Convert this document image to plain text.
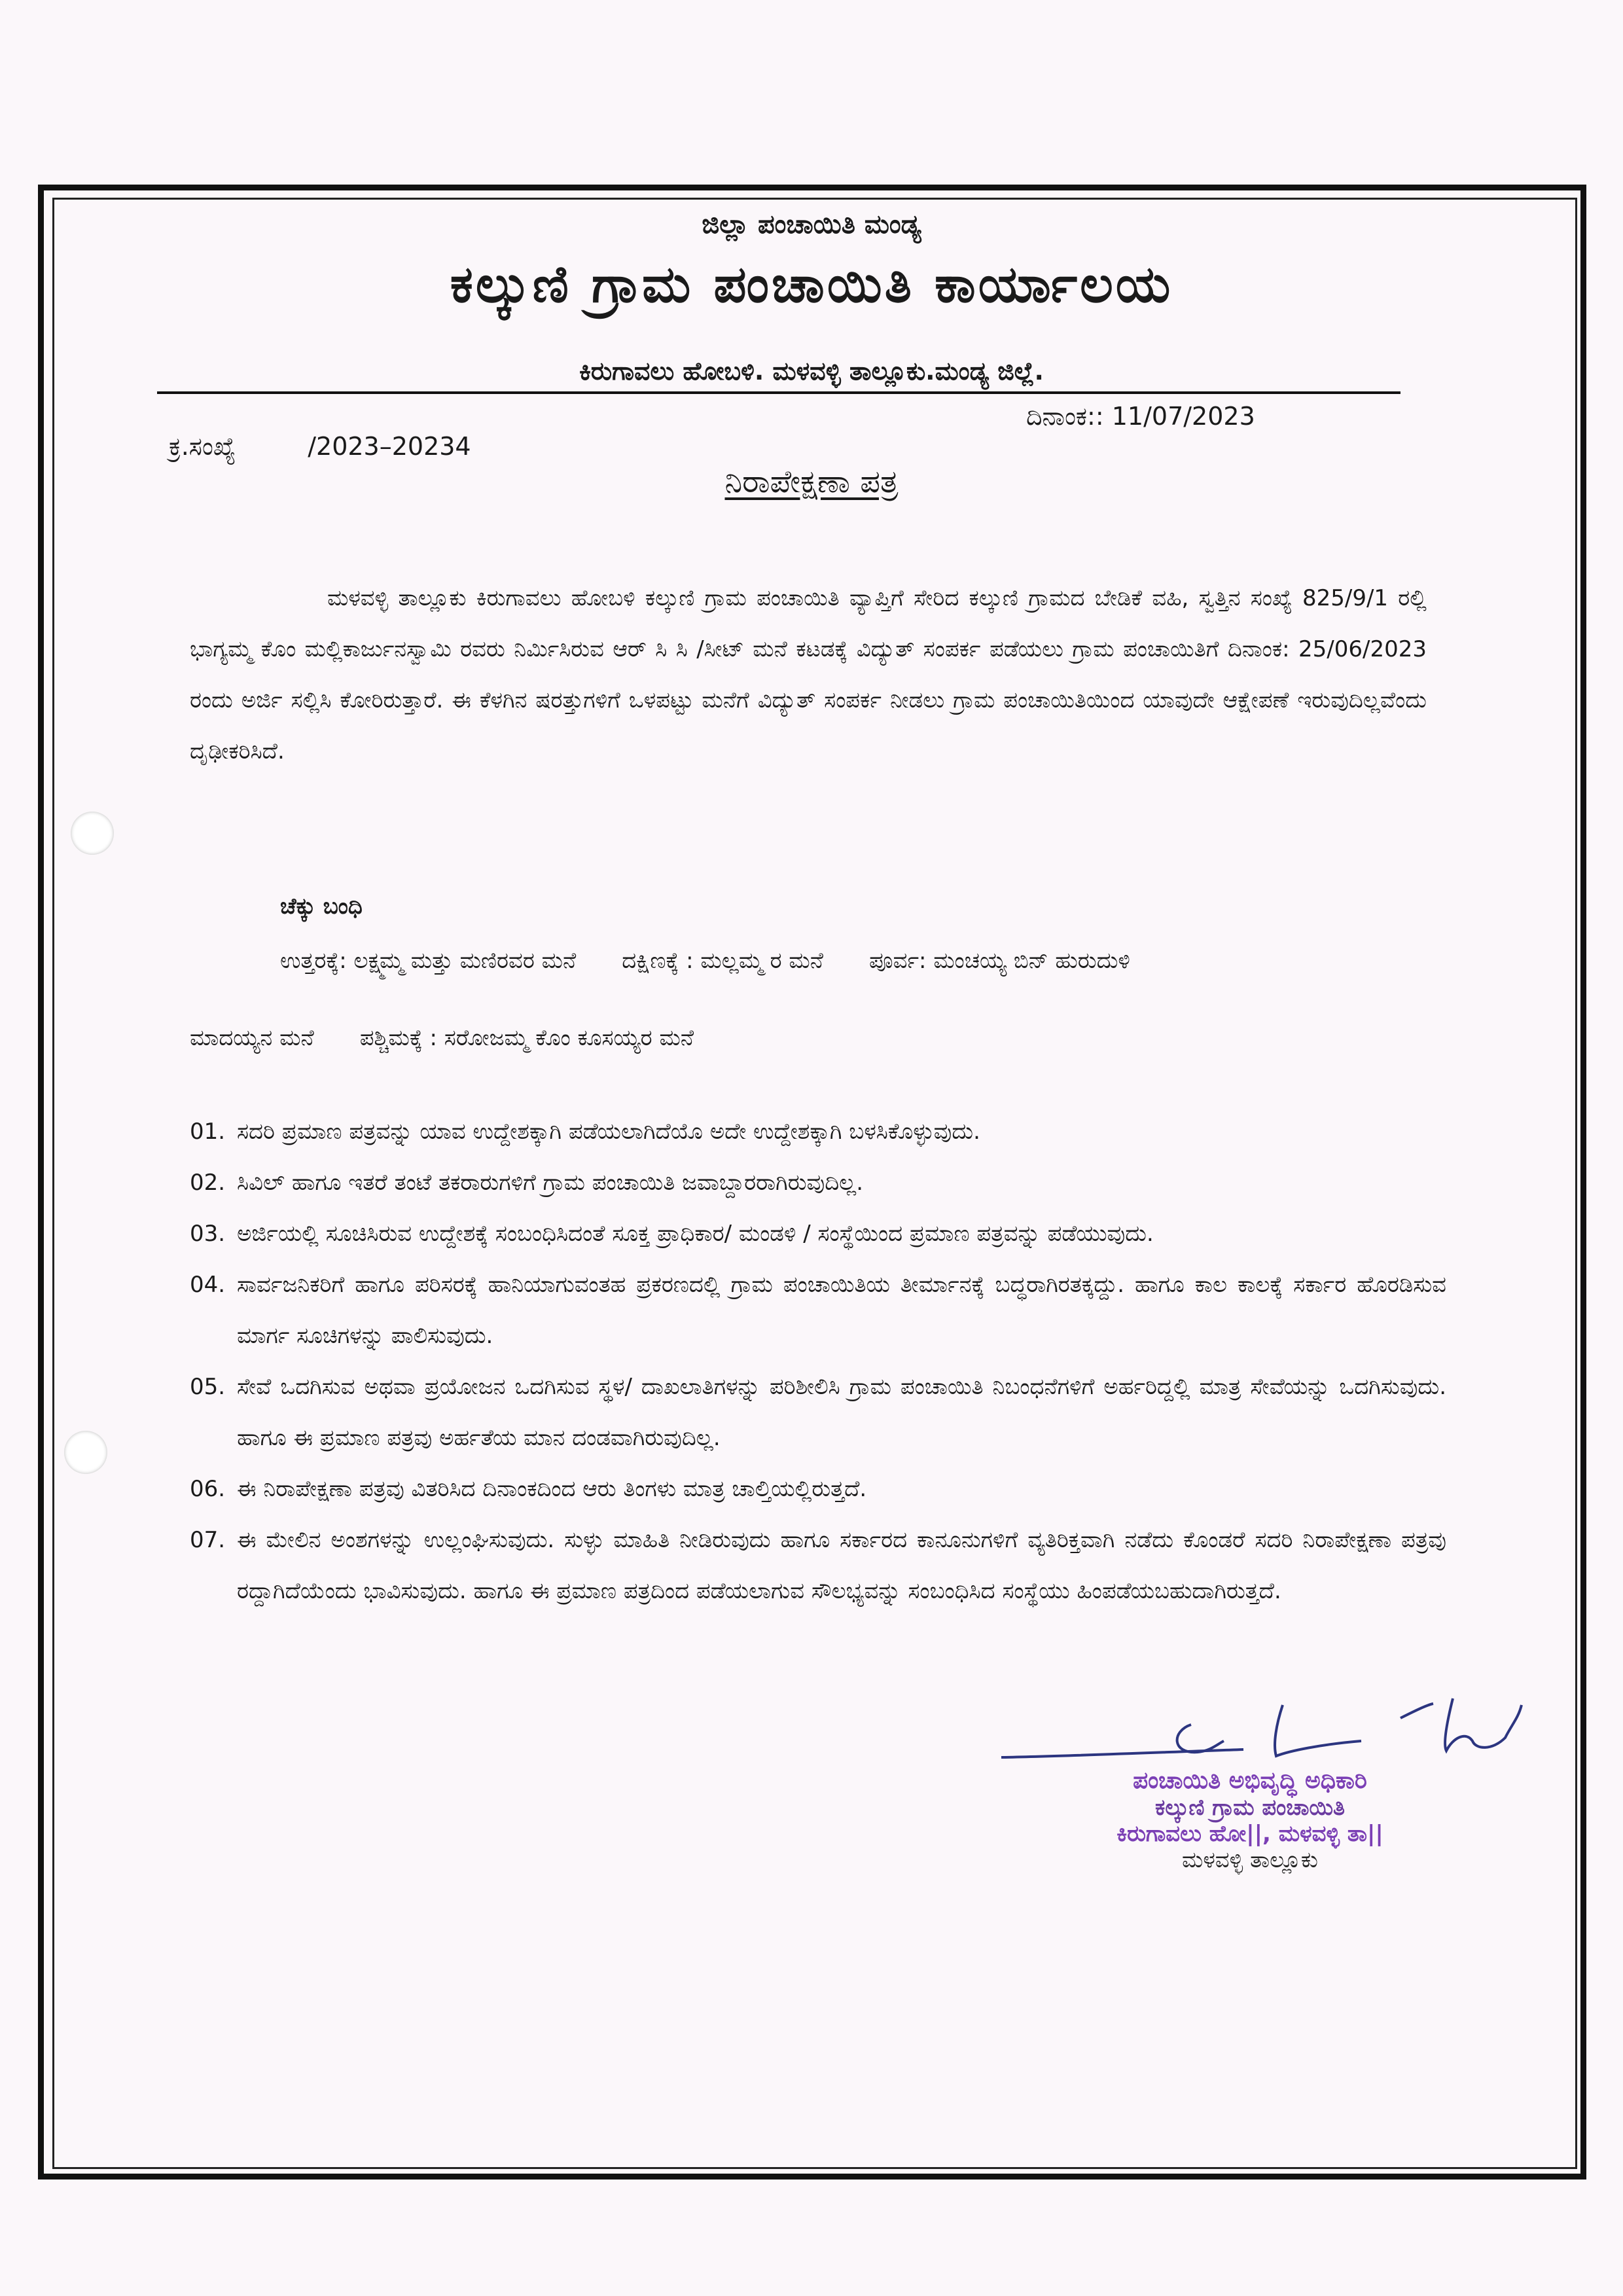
ಜಿಲ್ಲಾ ಪಂಚಾಯಿತಿ ಮಂಡ್ಯ
ಕಲ್ಕುಣಿ ಗ್ರಾಮ ಪಂಚಾಯಿತಿ ಕಾರ್ಯಾಲಯ
ಕಿರುಗಾವಲು ಹೋಬಳಿ. ಮಳವಳ್ಳಿ ತಾಲ್ಲೂಕು.ಮಂಡ್ಯ ಜಿಲ್ಲೆ.
ಕ್ರ.ಸಂಖ್ಯೆ	/2023–20234
ದಿನಾಂಕ:: 11/07/2023
ನಿರಾಪೇಕ್ಷಣಾ ಪತ್ರ
ಮಳವಳ್ಳಿ ತಾಲ್ಲೂಕು ಕಿರುಗಾವಲು ಹೋಬಳಿ ಕಲ್ಕುಣಿ ಗ್ರಾಮ ಪಂಚಾಯಿತಿ ವ್ಯಾಪ್ತಿಗೆ ಸೇರಿದ ಕಲ್ಕುಣಿ ಗ್ರಾಮದ ಬೇಡಿಕೆ ವಹಿ, ಸ್ವತ್ತಿನ ಸಂಖ್ಯೆ 825/9/1 ರಲ್ಲಿ ಭಾಗ್ಯಮ್ಮ ಕೊಂ ಮಲ್ಲಿಕಾರ್ಜುನಸ್ವಾಮಿ ರವರು ನಿರ್ಮಿಸಿರುವ ಆರ್ ಸಿ ಸಿ /ಸೀಟ್ ಮನೆ ಕಟಡಕ್ಕೆ ವಿದ್ಯುತ್ ಸಂಪರ್ಕ ಪಡೆಯಲು ಗ್ರಾಮ ಪಂಚಾಯಿತಿಗೆ ದಿನಾಂಕ: 25/06/2023 ರಂದು ಅರ್ಜಿ ಸಲ್ಲಿಸಿ ಕೋರಿರುತ್ತಾರೆ. ಈ ಕೆಳಗಿನ ಷರತ್ತುಗಳಿಗೆ ಒಳಪಟ್ಟು ಮನೆಗೆ ವಿದ್ಯುತ್ ಸಂಪರ್ಕ ನೀಡಲು ಗ್ರಾಮ ಪಂಚಾಯಿತಿಯಿಂದ ಯಾವುದೇ ಆಕ್ಷೇಪಣೆ ಇರುವುದಿಲ್ಲವೆಂದು ದೃಢೀಕರಿಸಿದೆ.
ಚೆಕ್ಕು ಬಂಧಿ
ಉತ್ತರಕ್ಕೆ: ಲಕ್ಷ್ಮಮ್ಮ ಮತ್ತು ಮಣಿರವರ ಮನೆ ದಕ್ಷಿಣಕ್ಕೆ : ಮಲ್ಲಮ್ಮ ರ ಮನೆ ಪೂರ್ವ: ಮಂಚಯ್ಯ ಬಿನ್ ಹುರುದುಳಿ
ಮಾದಯ್ಯನ ಮನೆ ಪಶ್ಚಿಮಕ್ಕೆ : ಸರೋಜಮ್ಮ ಕೊಂ ಕೂಸಯ್ಯರ ಮನೆ
01. ಸದರಿ ಪ್ರಮಾಣ ಪತ್ರವನ್ನು ಯಾವ ಉದ್ದೇಶಕ್ಕಾಗಿ ಪಡೆಯಲಾಗಿದೆಯೊ ಅದೇ ಉದ್ದೇಶಕ್ಕಾಗಿ ಬಳಸಿಕೊಳ್ಳುವುದು.
02. ಸಿವಿಲ್ ಹಾಗೂ ಇತರೆ ತಂಟೆ ತಕರಾರುಗಳಿಗೆ ಗ್ರಾಮ ಪಂಚಾಯಿತಿ ಜವಾಬ್ದಾರರಾಗಿರುವುದಿಲ್ಲ.
03. ಅರ್ಜಿಯಲ್ಲಿ ಸೂಚಿಸಿರುವ ಉದ್ದೇಶಕ್ಕೆ ಸಂಬಂಧಿಸಿದಂತೆ ಸೂಕ್ತ ಪ್ರಾಧಿಕಾರ/ ಮಂಡಳಿ / ಸಂಸ್ಥೆಯಿಂದ ಪ್ರಮಾಣ ಪತ್ರವನ್ನು ಪಡೆಯುವುದು.
04. ಸಾರ್ವಜನಿಕರಿಗೆ ಹಾಗೂ ಪರಿಸರಕ್ಕೆ ಹಾನಿಯಾಗುವಂತಹ ಪ್ರಕರಣದಲ್ಲಿ ಗ್ರಾಮ ಪಂಚಾಯಿತಿಯ ತೀರ್ಮಾನಕ್ಕೆ ಬದ್ಧರಾಗಿರತಕ್ಕದ್ದು. ಹಾಗೂ ಕಾಲ ಕಾಲಕ್ಕೆ ಸರ್ಕಾರ ಹೊರಡಿಸುವ ಮಾರ್ಗ ಸೂಚಿಗಳನ್ನು ಪಾಲಿಸುವುದು.
05. ಸೇವೆ ಒದಗಿಸುವ ಅಥವಾ ಪ್ರಯೋಜನ ಒದಗಿಸುವ ಸ್ಥಳ/ ದಾಖಲಾತಿಗಳನ್ನು ಪರಿಶೀಲಿಸಿ ಗ್ರಾಮ ಪಂಚಾಯಿತಿ ನಿಬಂಧನೆಗಳಿಗೆ ಅರ್ಹರಿದ್ದಲ್ಲಿ ಮಾತ್ರ ಸೇವೆಯನ್ನು ಒದಗಿಸುವುದು. ಹಾಗೂ ಈ ಪ್ರಮಾಣ ಪತ್ರವು ಅರ್ಹತೆಯ ಮಾನ ದಂಡವಾಗಿರುವುದಿಲ್ಲ.
06. ಈ ನಿರಾಪೇಕ್ಷಣಾ ಪತ್ರವು ವಿತರಿಸಿದ ದಿನಾಂಕದಿಂದ ಆರು ತಿಂಗಳು ಮಾತ್ರ ಚಾಲ್ತಿಯಲ್ಲಿರುತ್ತದೆ.
07. ಈ ಮೇಲಿನ ಅಂಶಗಳನ್ನು ಉಲ್ಲಂಘಿಸುವುದು. ಸುಳ್ಳು ಮಾಹಿತಿ ನೀಡಿರುವುದು ಹಾಗೂ ಸರ್ಕಾರದ ಕಾನೂನುಗಳಿಗೆ ವ್ಯತಿರಿಕ್ತವಾಗಿ ನಡೆದು ಕೊಂಡರೆ ಸದರಿ ನಿರಾಪೇಕ್ಷಣಾ ಪತ್ರವು ರದ್ದಾಗಿದೆಯೆಂದು ಭಾವಿಸುವುದು. ಹಾಗೂ ಈ ಪ್ರಮಾಣ ಪತ್ರದಿಂದ ಪಡೆಯಲಾಗುವ ಸೌಲಭ್ಯವನ್ನು ಸಂಬಂಧಿಸಿದ ಸಂಸ್ಥೆಯು ಹಿಂಪಡೆಯಬಹುದಾಗಿರುತ್ತದೆ.
ಪಂಚಾಯಿತಿ ಅಭಿವೃದ್ಧಿ ಅಧಿಕಾರಿ
ಕಲ್ಕುಣಿ ಗ್ರಾಮ ಪಂಚಾಯಿತಿ
ಕಿರುಗಾವಲು ಹೋ||, ಮಳವಳ್ಳಿ ತಾ||
ಮಳವಳ್ಳಿ ತಾಲ್ಲೂಕು
